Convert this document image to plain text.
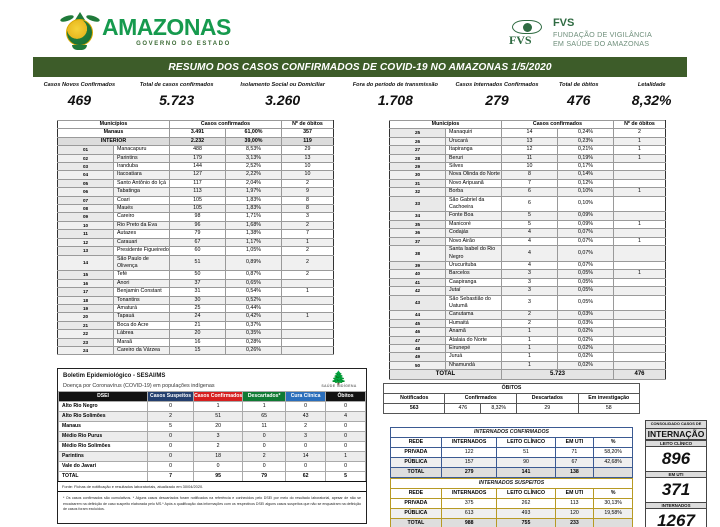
AMAZONAS
GOVERNO DO ESTADO	FVS
FVS
FUNDAÇÃO DE VIGILÂNCIA
EM SAÚDE DO AMAZONAS
RESUMO DOS CASOS CONFIRMADOS DE COVID-19 NO AMAZONAS 1/5/2020
Casos Novos Confirmados
469
Total de casos confirmados
5.723
Isolamento Social ou Domiciliar
3.260
Fora do período de transmissão
1.708
Casos Internados Confirmados
279
Total de óbitos
476
Letalidade
8,32%
Municípios		Casos confirmados		Nº de óbitos
Manaus		3.491	61,00%	357
INTERIOR		2.232	39,00%	119
01	Manacapuru	488	8,53%	29
02	Parintins	179	3,13%	13
03	Iranduba	144	2,52%	10
04	Itacoatiara	127	2,22%	10
05	Santo Antônio do Içá	117	2,04%	2
06	Tabatinga	113	1,97%	9
07	Coari	105	1,83%	8
08	Maués	105	1,83%	8
09	Careiro	98	1,71%	3
10	Rio Preto da Eva	96	1,68%	2
11	Autazes	79	1,38%	7
12	Carauari	67	1,17%	1
13	Presidente Figueiredo	60	1,05%	2
14	São Paulo de Olivença	51	0,89%	2
15	Tefé	50	0,87%	2
16	Anori	37	0,65%	
17	Benjamin Constant	31	0,54%	1
18	Tonantins	30	0,52%	
19	Amaturá	25	0,44%	
20	Tapauá	24	0,42%	1
21	Boca do Acre	21	0,37%	
22	Lábrea	20	0,35%	
23	Maraã	16	0,28%	
24	Careiro da Várzea	15	0,26%	
Municípios		Casos confirmados		Nº de óbitos
25	Manaquiri	14	0,24%	2
26	Urucará	13	0,23%	1
27	Itapiranga	12	0,21%	1
28	Beruri	11	0,19%	1
29	Silves	10	0,17%	
30	Nova Olinda do Norte	8	0,14%	
31	Novo Aripuanã	7	0,12%	
32	Borba	6	0,10%	1
33	São Gabriel da Cachoeira	6	0,10%	
34	Fonte Boa	5	0,09%	
35	Manicoré	5	0,09%	1
36	Codajás	4	0,07%	
37	Novo Airão	4	0,07%	1
38	Santa Isabel do Rio Negro	4	0,07%	
39	Urucurituba	4	0,07%	
40	Barcelos	3	0,05%	1
41	Caapiranga	3	0,05%	
42	Jutaí	3	0,05%	
43	São Sebastião do Uatumã	3	0,05%	
44	Canutama	2	0,03%	
45	Humaitá	2	0,03%	
46	Anamã	1	0,02%	
47	Atalaia do Norte	1	0,02%	
48	Eirunepé	1	0,02%	
49	Juruá	1	0,02%	
50	Nhamundá	1	0,02%	
TOTAL		5.723		476
Boletim Epidemiológico - SESAI/MS
Doença por Coronavírus (COVID-19) em populações indígenas
🌲
SAÚDE INDÍGENA
DSEI	Casos Suspeitos	Casos Confirmados	Descartados*	Cura Clínica	Óbitos
Alto Rio Negro	0	1	1	0	0
Alto Rio Solimões	2	51	65	43	4
Manaus	5	20	11	2	0
Médio Rio Purus	0	3	0	3	0
Médio Rio Solimões	0	2	0	0	0
Parintins	0	18	2	14	1
Vale do Javari	0	0	0	0	0
TOTAL	7	95	79	62	5
Fonte: Fichas de notificação e resultados laboratoriais, atualizado em 30/04/2020.
* Os casos confirmados são cumulativos. * Alguns casos descartados foram notificados na referência e conhecidos pelo DSEI por meio do resultado laboratorial, apesar de não se encaixarem na definição de caso suspeito elaborada pelo MS.* Após a qualificação das informações com os respectivos DSEI alguns casos suspeitos que não se enquadram na definição de casos foram excluídos.
ÓBITOS				
Notificados	Confirmados		Descartados	Em investigação
563	476	8,32%	29	58
INTERNADOS CONFIRMADOS				
REDE	INTERNADOS	LEITO CLÍNICO	EM UTI	%
PRIVADA	122	51	71	58,20%
PÚBLICA	157	90	67	42,68%
TOTAL	279	141	138	
INTERNADOS SUSPEITOS				
REDE	INTERNADOS	LEITO CLÍNICO	EM UTI	%
PRIVADA	375	262	113	30,13%
PÚBLICA	613	493	120	19,58%
TOTAL	988	755	233	
CONSOLIDADO CASOS DE
INTERNAÇÃO
LEITO CLÍNICO
896
EM UTI
371
INTERNADOS
1267
